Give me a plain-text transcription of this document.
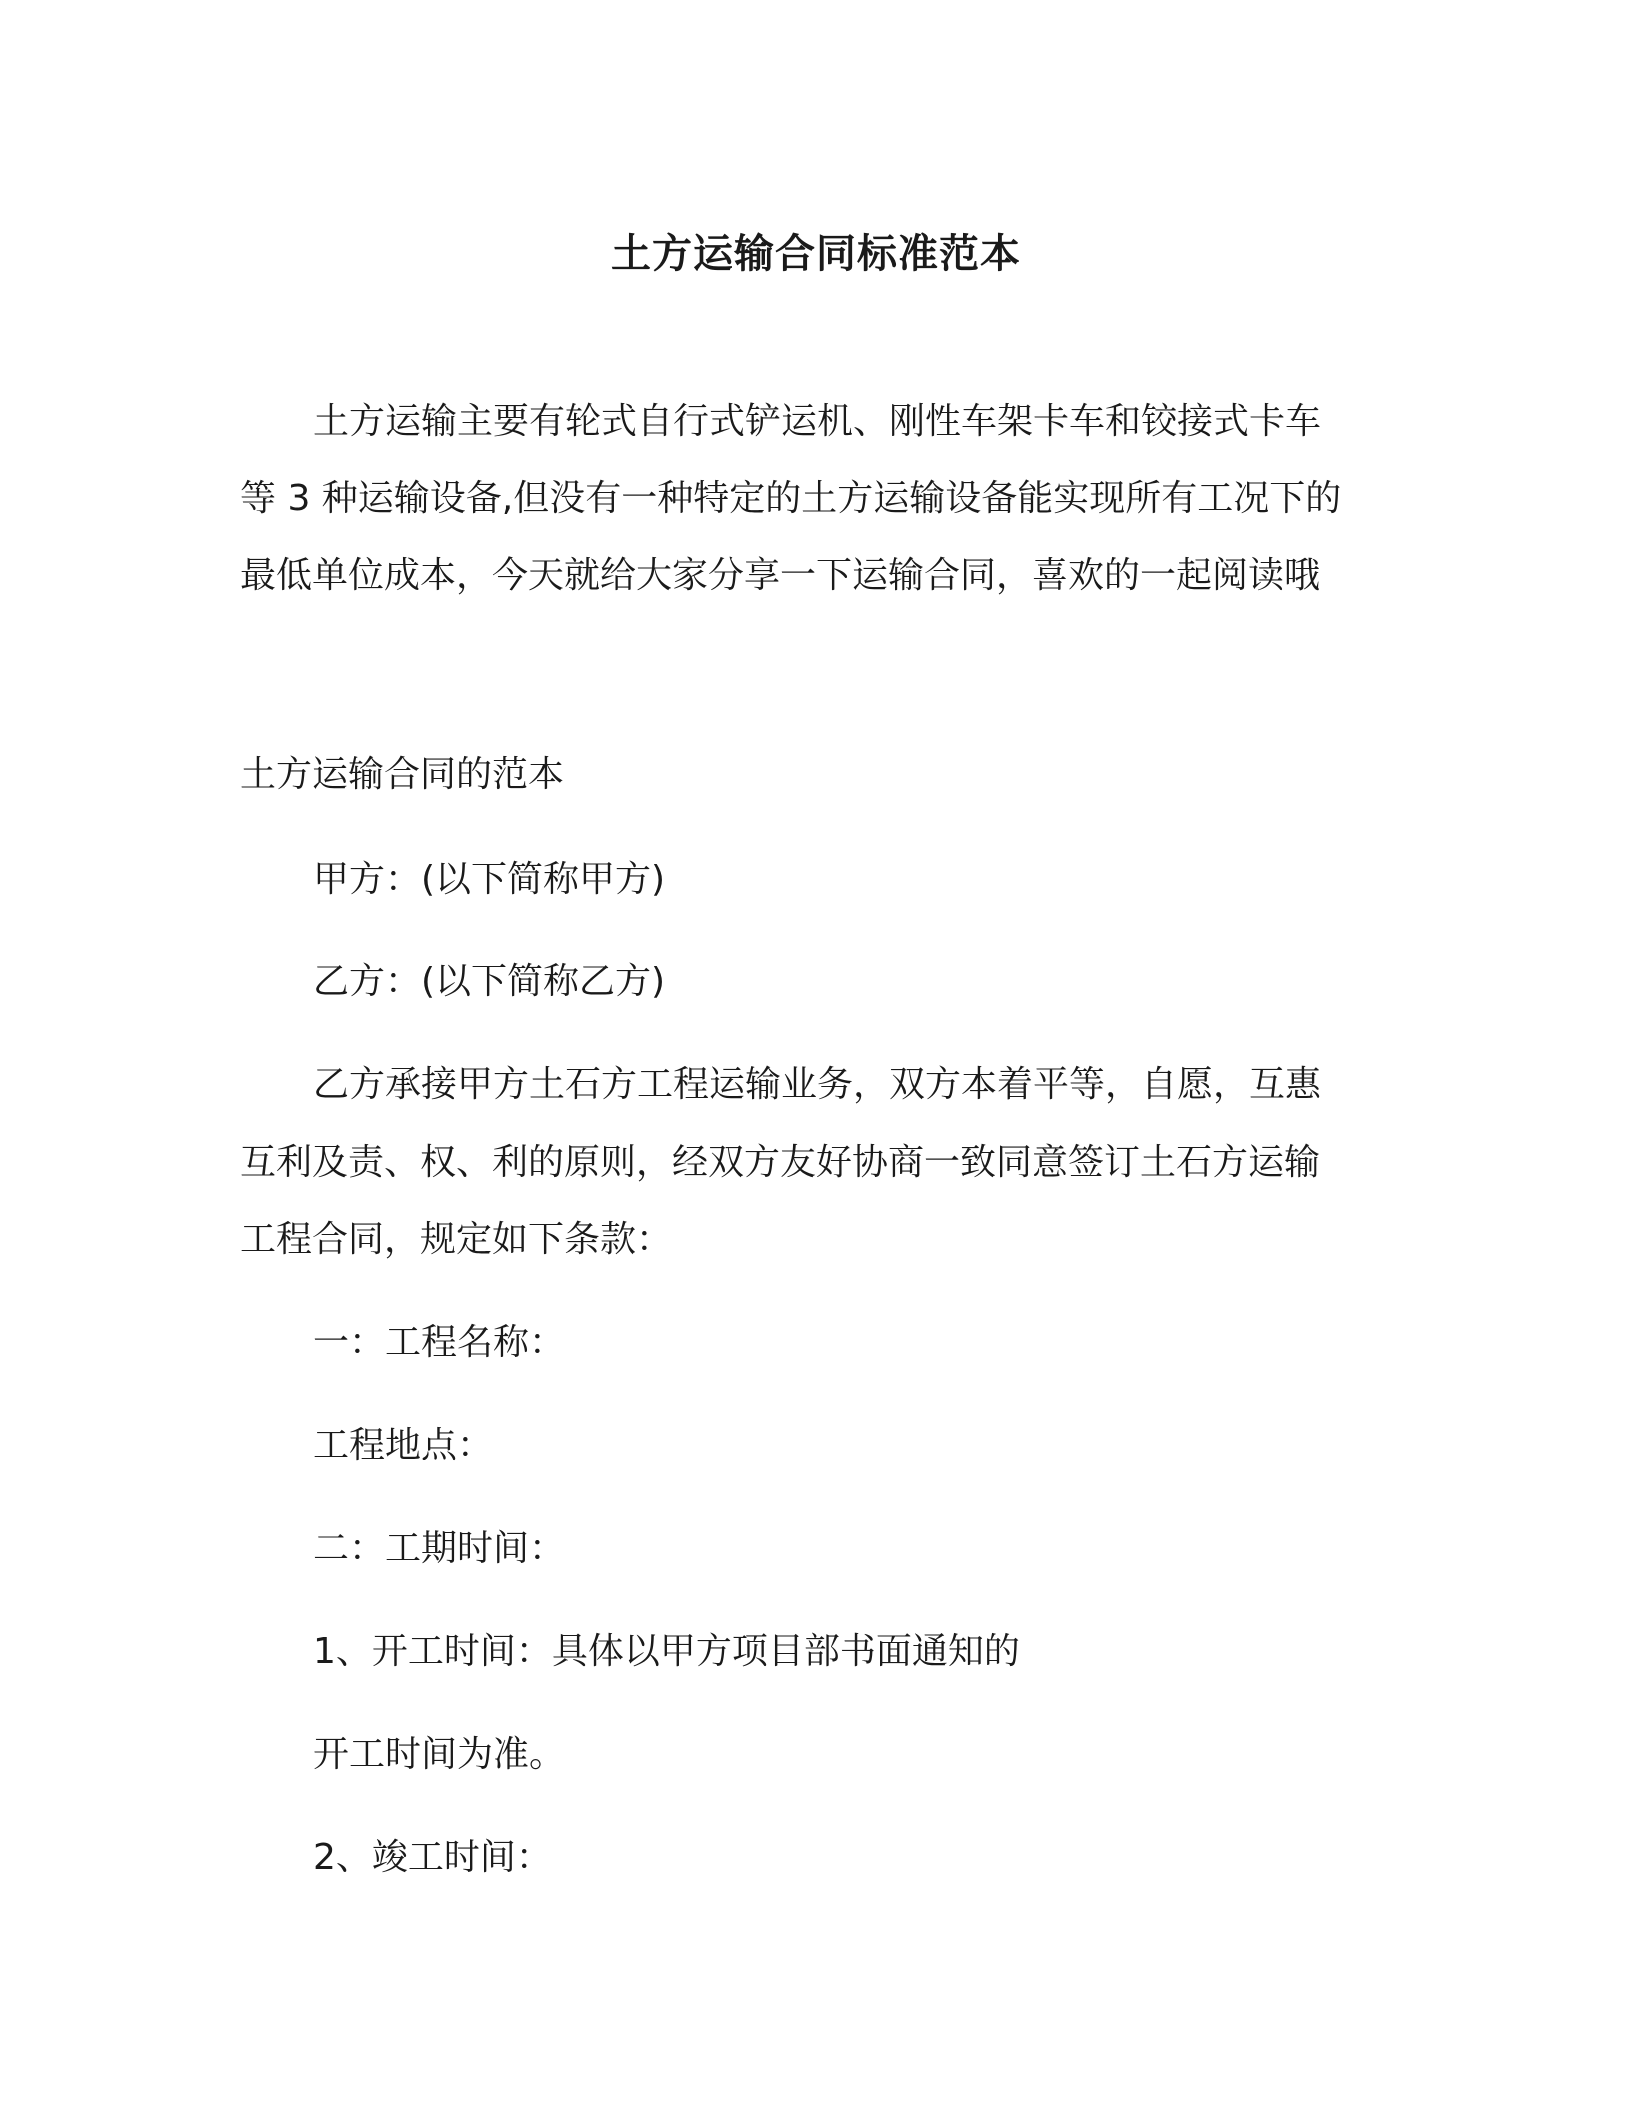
土方运输合同标准范本
土方运输主要有轮式自行式铲运机、刚性车架卡车和铰接式卡车
等 3 种运输设备,但没有一种特定的土方运输设备能实现所有工况下的
最低单位成本，今天就给大家分享一下运输合同，喜欢的一起阅读哦
土方运输合同的范本
甲方：(以下简称甲方)
乙方：(以下简称乙方)
乙方承接甲方土石方工程运输业务，双方本着平等，自愿，互惠
互利及责、权、利的原则，经双方友好协商一致同意签订土石方运输
工程合同，规定如下条款：
一：工程名称：
工程地点：
二：工期时间：
1、开工时间：具体以甲方项目部书面通知的
开工时间为准。
2、竣工时间：
